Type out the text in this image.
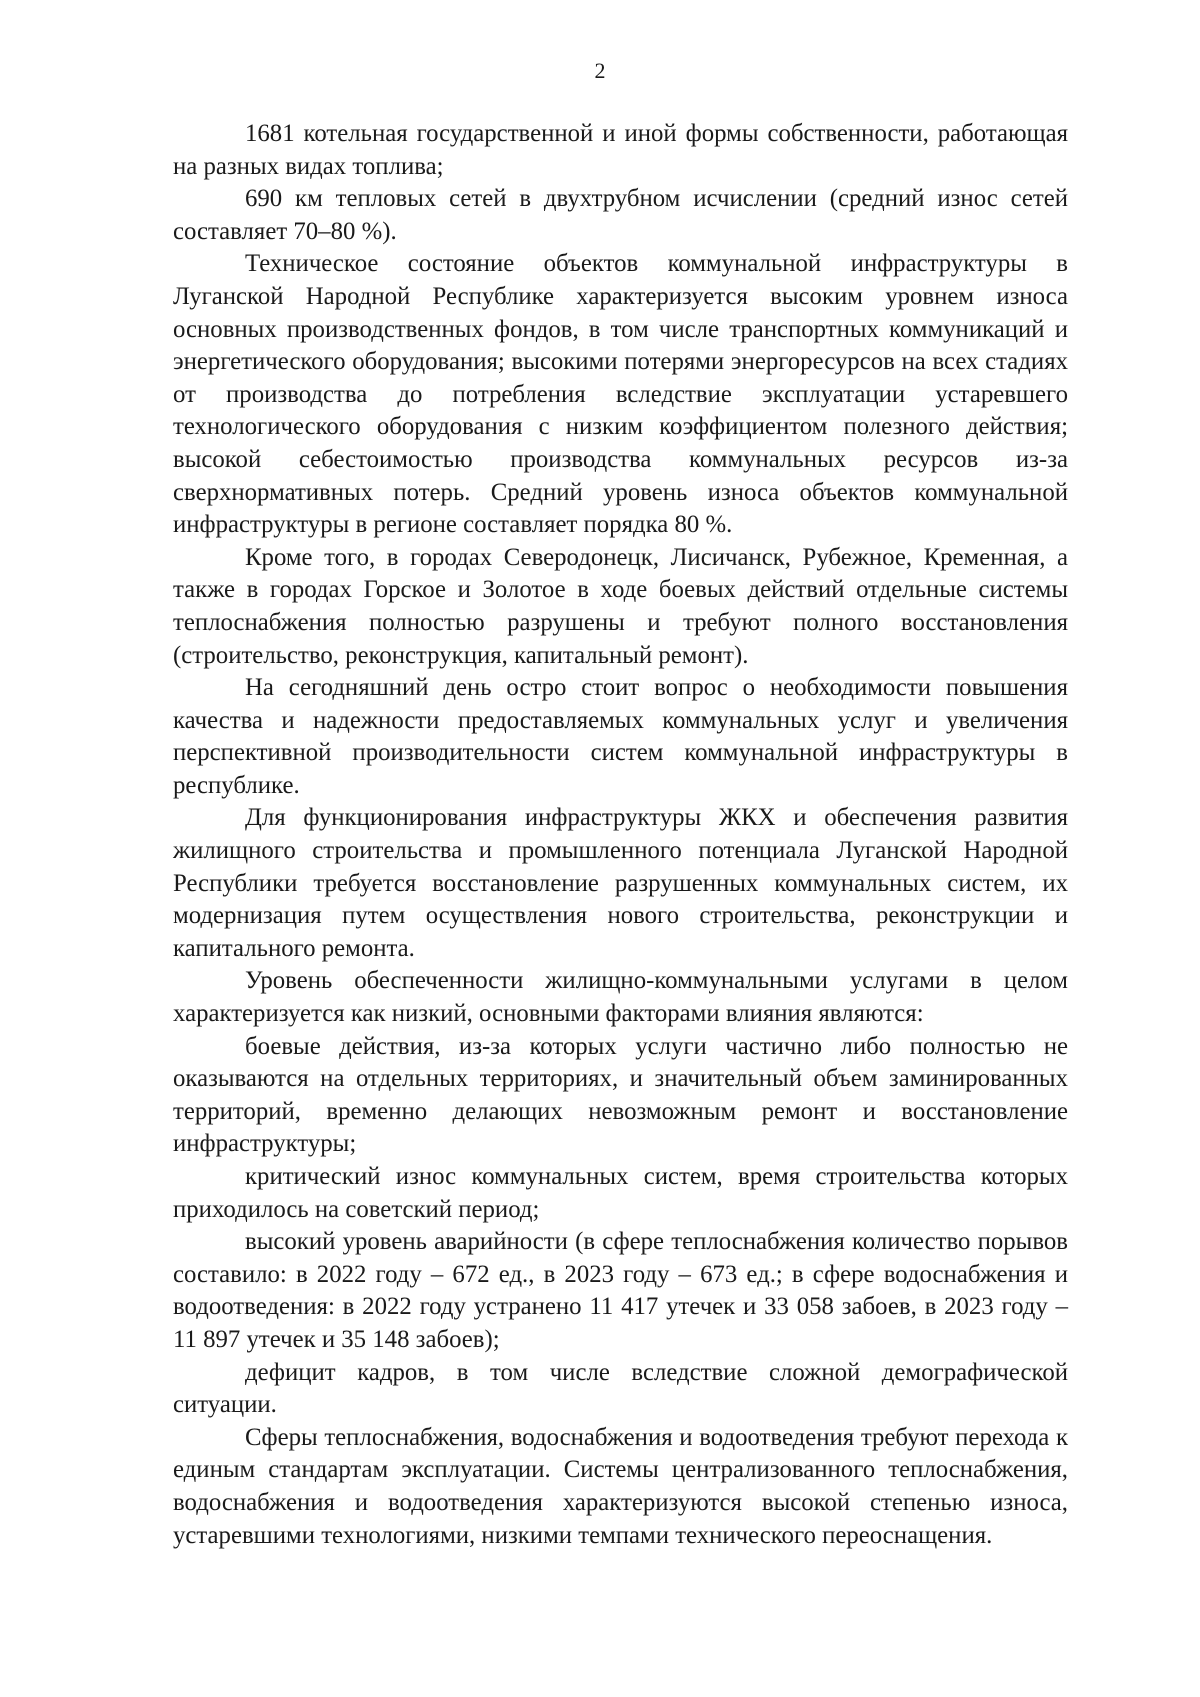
2

1681 котельная государственной и иной формы собственности, работающая на разных видах топлива;

690 км тепловых сетей в двухтрубном исчислении (средний износ сетей составляет 70–80 %).

Техническое состояние объектов коммунальной инфраструктуры в Луганской Народной Республике характеризуется высоким уровнем износа основных производственных фондов, в том числе транспортных коммуникаций и энергетического оборудования; высокими потерями энергоресурсов на всех стадиях от производства до потребления вследствие эксплуатации устаревшего технологического оборудования с низким коэффициентом полезного действия; высокой себестоимостью производства коммунальных ресурсов из-за сверхнормативных потерь. Средний уровень износа объектов коммунальной инфраструктуры в регионе составляет порядка 80 %.

Кроме того, в городах Северодонецк, Лисичанск, Рубежное, Кременная, а также в городах Горское и Золотое в ходе боевых действий отдельные системы теплоснабжения полностью разрушены и требуют полного восстановления (строительство, реконструкция, капитальный ремонт).

На сегодняшний день остро стоит вопрос о необходимости повышения качества и надежности предоставляемых коммунальных услуг и увеличения перспективной производительности систем коммунальной инфраструктуры в республике.

Для функционирования инфраструктуры ЖКХ и обеспечения развития жилищного строительства и промышленного потенциала Луганской Народной Республики требуется восстановление разрушенных коммунальных систем, их модернизация путем осуществления нового строительства, реконструкции и капитального ремонта.

Уровень обеспеченности жилищно-коммунальными услугами в целом характеризуется как низкий, основными факторами влияния являются:

боевые действия, из-за которых услуги частично либо полностью не оказываются на отдельных территориях, и значительный объем заминированных территорий, временно делающих невозможным ремонт и восстановление инфраструктуры;

критический износ коммунальных систем, время строительства которых приходилось на советский период;

высокий уровень аварийности (в сфере теплоснабжения количество порывов составило: в 2022 году – 672 ед., в 2023 году – 673 ед.; в сфере водоснабжения и водоотведения: в 2022 году устранено 11 417 утечек и 33 058 забоев, в 2023 году – 11 897 утечек и 35 148 забоев);

дефицит кадров, в том числе вследствие сложной демографической ситуации.

Сферы теплоснабжения, водоснабжения и водоотведения требуют перехода к единым стандартам эксплуатации. Системы централизованного теплоснабжения, водоснабжения и водоотведения характеризуются высокой степенью износа, устаревшими технологиями, низкими темпами технического переоснащения.
